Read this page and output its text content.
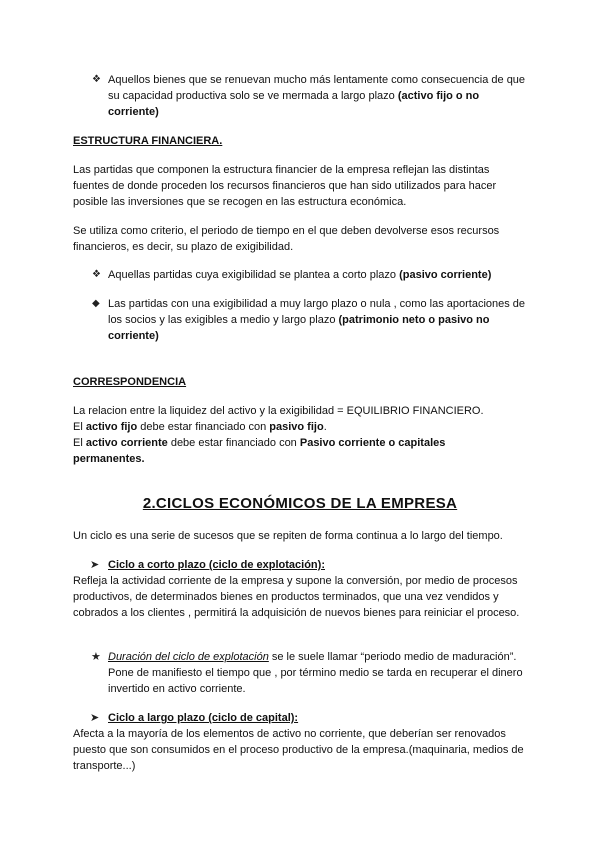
❖ Aquellos bienes que se renuevan mucho más lentamente como consecuencia de que su capacidad productiva solo se ve mermada a largo plazo (activo fijo o no corriente)
ESTRUCTURA FINANCIERA.
Las partidas que componen la estructura financier de la empresa reflejan las distintas fuentes de donde proceden los recursos financieros que han sido utilizados para hacer posible las inversiones que se recogen en las estructura económica.
Se utiliza como criterio, el periodo de tiempo en el que deben devolverse esos recursos financieros, es decir, su plazo de exigibilidad.
❖ Aquellas partidas cuya exigibilidad se plantea a corto plazo (pasivo corriente)
◆ Las partidas con una exigibilidad a muy largo plazo o nula , como las aportaciones de los socios y las exigibles a medio y largo plazo (patrimonio neto o pasivo no corriente)
CORRESPONDENCIA
La relacion entre la liquidez del activo y la exigibilidad = EQUILIBRIO FINANCIERO.
El activo fijo debe estar financiado con pasivo fijo.
El activo corriente debe estar financiado con Pasivo corriente o capitales permanentes.
2.CICLOS ECONÓMICOS DE LA EMPRESA
Un ciclo es una serie de sucesos que se repiten de forma continua a lo largo del tiempo.
➤ Ciclo a corto plazo (ciclo de explotación):
Refleja la actividad corriente de la empresa y supone la conversión, por medio de procesos productivos, de determinados bienes en productos terminados, que una vez vendidos y cobrados a los clientes , permitirá la adquisición de nuevos bienes para reiniciar el proceso.
★ Duración del ciclo de explotación se le suele llamar “periodo medio de maduración”. Pone de manifiesto el tiempo que , por término medio se tarda en recuperar el dinero invertido en activo corriente.
➤ Ciclo a largo plazo (ciclo de capital):
Afecta a la mayoría de los elementos de activo no corriente, que deberían ser renovados puesto que son consumidos en el proceso productivo de la empresa.(maquinaria, medios de transporte...)
